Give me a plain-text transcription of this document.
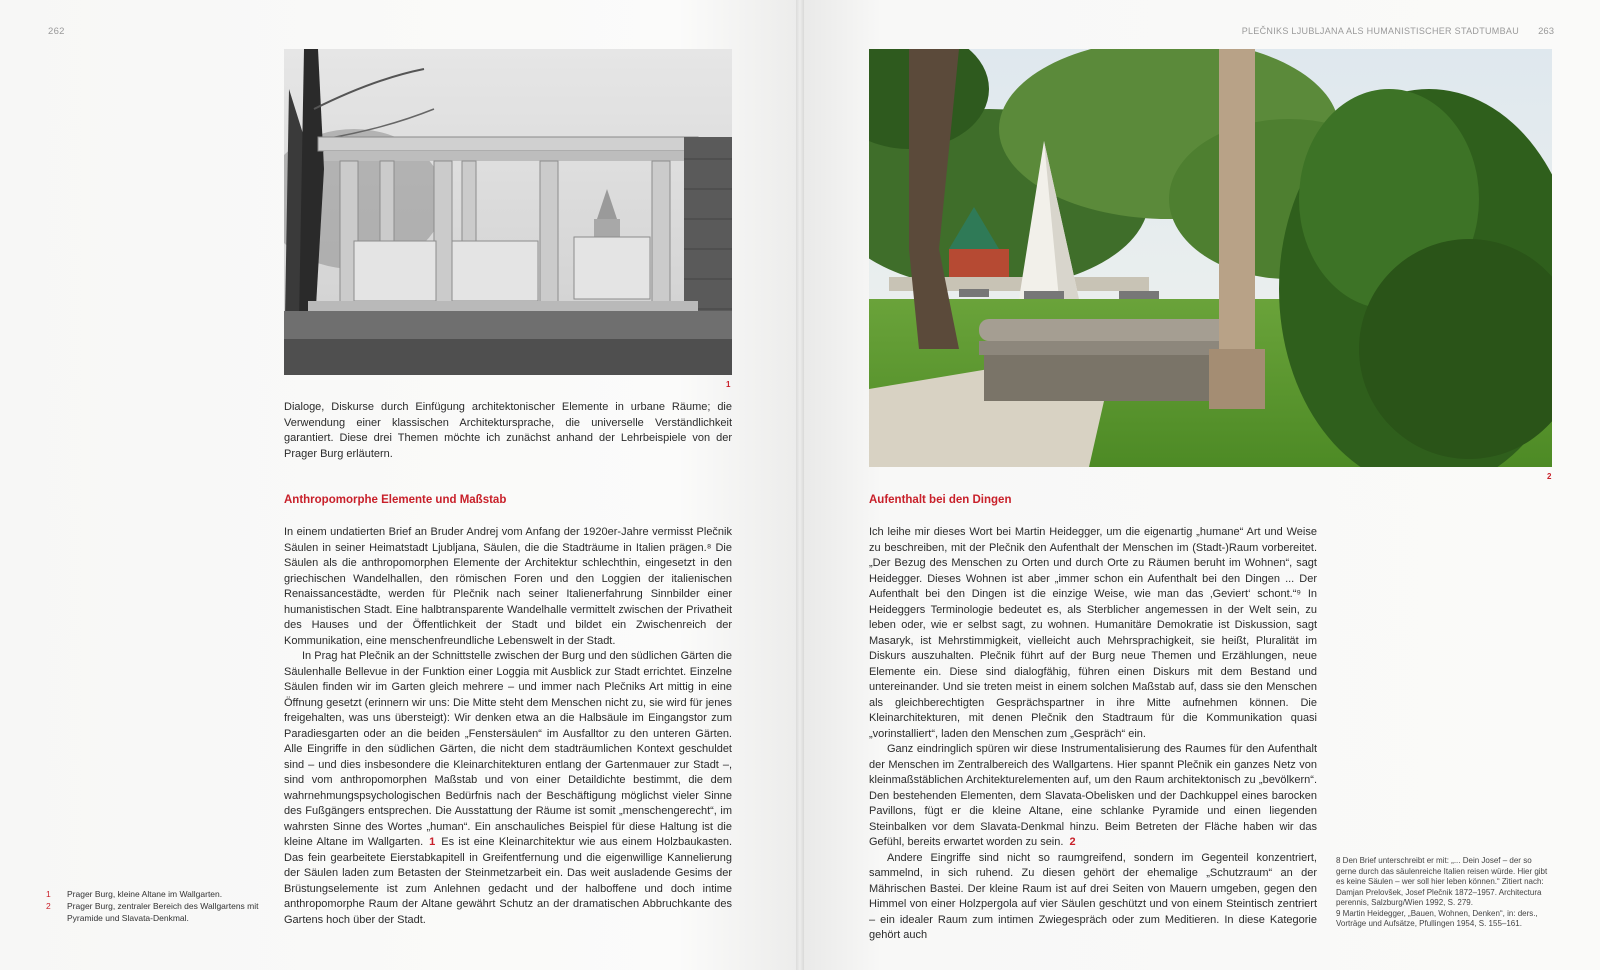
262
1

Dialoge, Diskurse durch Einfügung architektonischer Elemente in urbane Räume; die Verwendung einer klassischen Architektursprache, die universelle Verständlichkeit garantiert. Diese drei Themen möchte ich zunächst anhand der Lehrbeispiele von der Prager Burg erläutern.

Anthropomorphe Elemente und Maßstab

In einem undatierten Brief an Bruder Andrej vom Anfang der 1920er-Jahre vermisst Plečnik Säulen in seiner Heimatstadt Ljubljana, Säulen, die die Stadträume in Italien prägen.⁸ Die Säulen als die anthropomorphen Elemente der Architektur schlechthin, eingesetzt in den griechischen Wandelhallen, den römischen Foren und den Loggien der italienischen Renaissancestädte, werden für Plečnik nach seiner Italienerfahrung Sinnbilder einer humanistischen Stadt. Eine halbtransparente Wandelhalle vermittelt zwischen der Privatheit des Hauses und der Öffentlichkeit der Stadt und bildet ein Zwischenreich der Kommunikation, eine menschenfreundliche Lebenswelt in der Stadt.

In Prag hat Plečnik an der Schnittstelle zwischen der Burg und den südlichen Gärten die Säulenhalle Bellevue in der Funktion einer Loggia mit Ausblick zur Stadt errichtet. Einzelne Säulen finden wir im Garten gleich mehrere – und immer nach Plečniks Art mittig in eine Öffnung gesetzt (erinnern wir uns: Die Mitte steht dem Menschen nicht zu, sie wird für jenes freigehalten, was uns übersteigt): Wir denken etwa an die Halbsäule im Eingangstor zum Paradiesgarten oder an die beiden „Fenstersäulen“ im Ausfalltor zu den unteren Gärten. Alle Eingriffe in den südlichen Gärten, die nicht dem stadträumlichen Kontext geschuldet sind – und dies insbesondere die Kleinarchitekturen entlang der Gartenmauer zur Stadt –, sind vom anthropomorphen Maßstab und von einer Detaildichte bestimmt, die dem wahrnehmungspsychologischen Bedürfnis nach der Beschäftigung möglichst vieler Sinne des Fußgängers entsprechen. Die Ausstattung der Räume ist somit „menschengerecht“, im wahrsten Sinne des Wortes „human“. Ein anschauliches Beispiel für diese Haltung ist die kleine Altane im Wallgarten. 1 Es ist eine Kleinarchitektur wie aus einem Holzbaukasten. Das fein gearbeitete Eierstabkapitell in Greifentfernung und die eigenwillige Kannelierung der Säulen laden zum Betasten der Steinmetzarbeit ein. Das weit ausladende Gesims der Brüstungselemente ist zum Anlehnen gedacht und der halboffene und doch intime anthropomorphe Raum der Altane gewährt Schutz an der dramatischen Abbruchkante des Gartens hoch über der Stadt.

1	Prager Burg, kleine Altane im Wallgarten.
2	Prager Burg, zentraler Bereich des Wallgartens mit Pyramide und Slavata-Denkmal.
PLEČNIKS LJUBLJANA ALS HUMANISTISCHER STADTUMBAU 263
2
Aufenthalt bei den Dingen

Ich leihe mir dieses Wort bei Martin Heidegger, um die eigenartig „humane“ Art und Weise zu beschreiben, mit der Plečnik den Aufenthalt der Menschen im (Stadt-)Raum vorbereitet. „Der Bezug des Menschen zu Orten und durch Orte zu Räumen beruht im Wohnen“, sagt Heidegger. Dieses Wohnen ist aber „immer schon ein Aufenthalt bei den Dingen ... Der Aufenthalt bei den Dingen ist die einzige Weise, wie man das ‚Geviert‘ schont.“⁹ In Heideggers Terminologie bedeutet es, als Sterblicher angemessen in der Welt sein, zu leben oder, wie er selbst sagt, zu wohnen. Humanitäre Demokratie ist Diskussion, sagt Masaryk, ist Mehrstimmigkeit, vielleicht auch Mehrsprachigkeit, sie heißt, Pluralität im Diskurs auszuhalten. Plečnik führt auf der Burg neue Themen und Erzählungen, neue Elemente ein. Diese sind dialogfähig, führen einen Diskurs mit dem Bestand und untereinander. Und sie treten meist in einem solchen Maßstab auf, dass sie den Menschen als gleichberechtigten Gesprächspartner in ihre Mitte aufnehmen können. Die Kleinarchitekturen, mit denen Plečnik den Stadtraum für die Kommunikation quasi „vorinstalliert“, laden den Menschen zum „Gespräch“ ein.

Ganz eindringlich spüren wir diese Instrumentalisierung des Raumes für den Aufenthalt der Menschen im Zentralbereich des Wallgartens. Hier spannt Plečnik ein ganzes Netz von kleinmaßstäblichen Architekturelementen auf, um den Raum architektonisch zu „bevölkern“. Den bestehenden Elementen, dem Slavata-Obelisken und der Dachkuppel eines barocken Pavillons, fügt er die kleine Altane, eine schlanke Pyramide und einen liegenden Steinbalken vor dem Slavata-Denkmal hinzu. Beim Betreten der Fläche haben wir das Gefühl, bereits erwartet worden zu sein. 2

Andere Eingriffe sind nicht so raumgreifend, sondern im Gegenteil konzentriert, sammelnd, in sich ruhend. Zu diesen gehört der ehemalige „Schutzraum“ an der Mährischen Bastei. Der kleine Raum ist auf drei Seiten von Mauern umgeben, gegen den Himmel von einer Holzpergola auf vier Säulen geschützt und von einem Steintisch zentriert – ein idealer Raum zum intimen Zwiegespräch oder zum Meditieren. In diese Kategorie gehört auch

8 Den Brief unterschreibt er mit: „... Dein Josef – der so gerne durch das säulenreiche Italien reisen würde. Hier gibt es keine Säulen – wer soll hier leben können.“ Zitiert nach: Damjan Prelovšek, Josef Plečnik 1872–1957. Architectura perennis, Salzburg/Wien 1992, S. 279.

9 Martin Heidegger, „Bauen, Wohnen, Denken“, in: ders., Vorträge und Aufsätze, Pfullingen 1954, S. 155–161.
